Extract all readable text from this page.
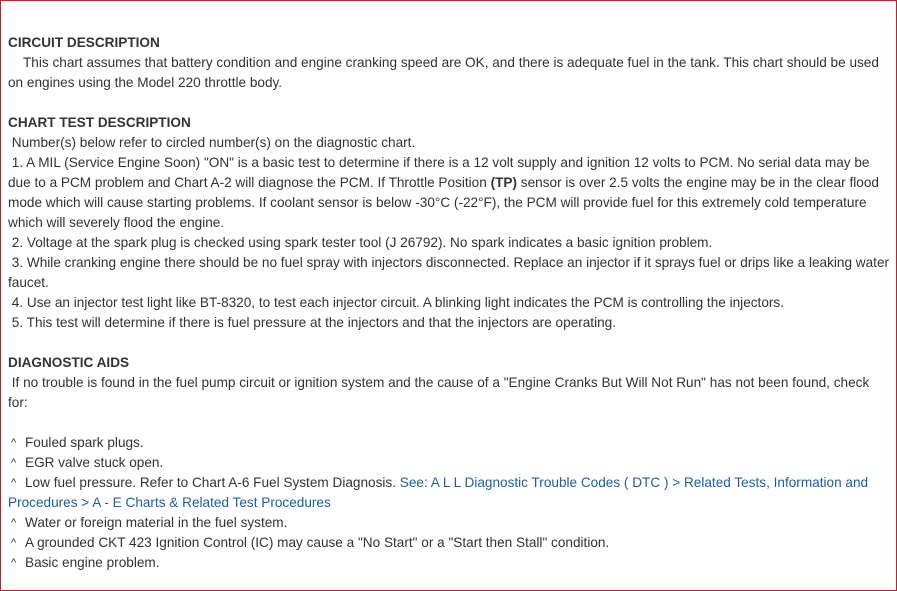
CIRCUIT DESCRIPTION

This chart assumes that battery condition and engine cranking speed are OK, and there is adequate fuel in the tank. This chart should be used on engines using the Model 220 throttle body.

CHART TEST DESCRIPTION

Number(s) below refer to circled number(s) on the diagnostic chart.

1. A MIL (Service Engine Soon) "ON" is a basic test to determine if there is a 12 volt supply and ignition 12 volts to PCM. No serial data may be due to a PCM problem and Chart A-2 will diagnose the PCM. If Throttle Position (TP) sensor is over 2.5 volts the engine may be in the clear flood mode which will cause starting problems. If coolant sensor is below -30°C (-22°F), the PCM will provide fuel for this extremely cold temperature which will severely flood the engine.

2. Voltage at the spark plug is checked using spark tester tool (J 26792). No spark indicates a basic ignition problem.

3. While cranking engine there should be no fuel spray with injectors disconnected. Replace an injector if it sprays fuel or drips like a leaking water faucet.

4. Use an injector test light like BT-8320, to test each injector circuit. A blinking light indicates the PCM is controlling the injectors.

5. This test will determine if there is fuel pressure at the injectors and that the injectors are operating.

DIAGNOSTIC AIDS

If no trouble is found in the fuel pump circuit or ignition system and the cause of a "Engine Cranks But Will Not Run" has not been found, check for:

^ Fouled spark plugs.

^ EGR valve stuck open.

^ Low fuel pressure. Refer to Chart A-6 Fuel System Diagnosis. See: A L L Diagnostic Trouble Codes ( DTC ) > Related Tests, Information and Procedures > A - E Charts & Related Test Procedures

^ Water or foreign material in the fuel system.

^ A grounded CKT 423 Ignition Control (IC) may cause a "No Start" or a "Start then Stall" condition.

^ Basic engine problem.
